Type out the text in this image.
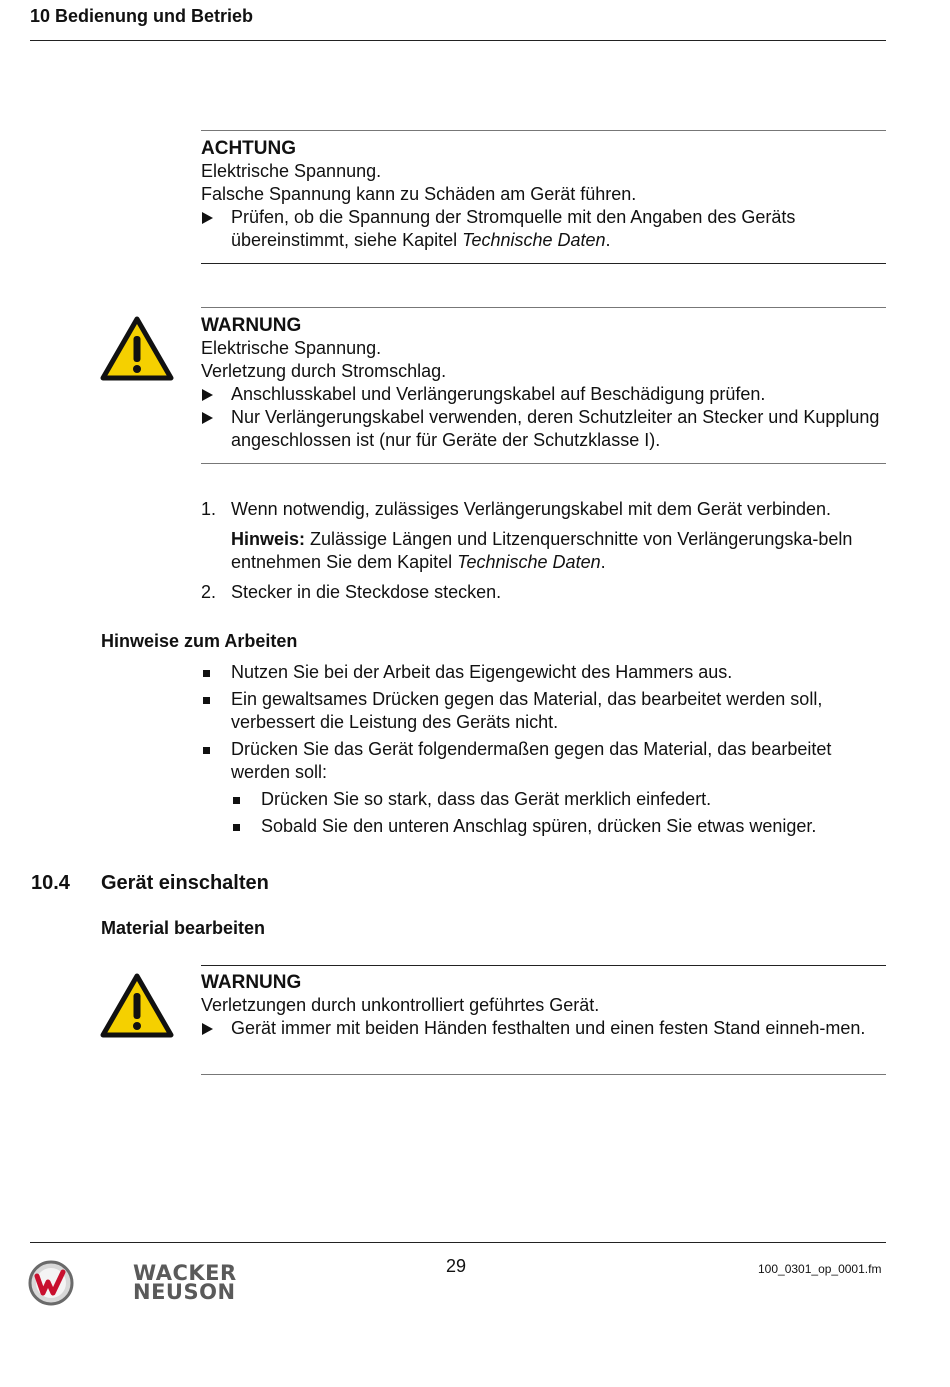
10 Bedienung und Betrieb
ACHTUNG
Elektrische Spannung.
Falsche Spannung kann zu Schäden am Gerät führen.
Prüfen, ob die Spannung der Stromquelle mit den Angaben des Geräts übereinstimmt, siehe Kapitel Technische Daten.
WARNUNG
Elektrische Spannung.
Verletzung durch Stromschlag.
Anschlusskabel und Verlängerungskabel auf Beschädigung prüfen.
Nur Verlängerungskabel verwenden, deren Schutzleiter an Stecker und Kupplung angeschlossen ist (nur für Geräte der Schutzklasse I).
1. Wenn notwendig, zulässiges Verlängerungskabel mit dem Gerät verbinden.
Hinweis: Zulässige Längen und Litzenquerschnitte von Verlängerungska-beln entnehmen Sie dem Kapitel Technische Daten.
2. Stecker in die Steckdose stecken.
Hinweise zum Arbeiten
Nutzen Sie bei der Arbeit das Eigengewicht des Hammers aus.
Ein gewaltsames Drücken gegen das Material, das bearbeitet werden soll, verbessert die Leistung des Geräts nicht.
Drücken Sie das Gerät folgendermaßen gegen das Material, das bearbeitet werden soll:
Drücken Sie so stark, dass das Gerät merklich einfedert.
Sobald Sie den unteren Anschlag spüren, drücken Sie etwas weniger.
10.4 Gerät einschalten
Material bearbeiten
WARNUNG
Verletzungen durch unkontrolliert geführtes Gerät.
Gerät immer mit beiden Händen festhalten und einen festen Stand einneh-men.
29	100_0301_op_0001.fm
WACKER
NEUSON
